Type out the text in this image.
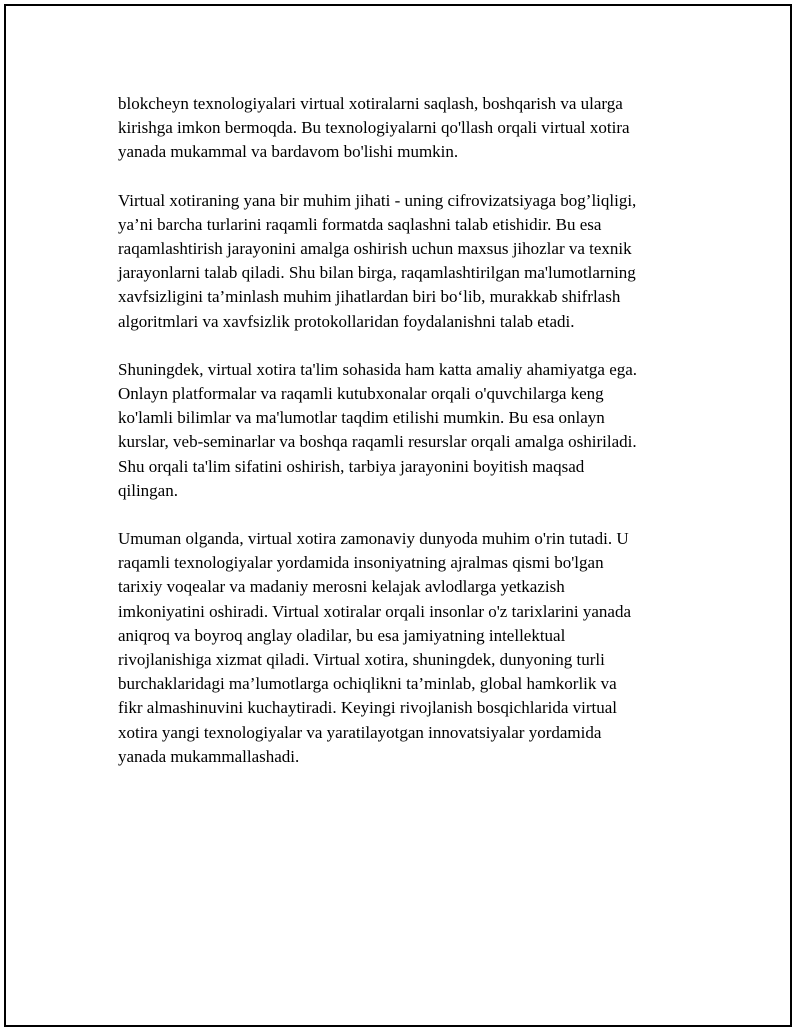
blokcheyn texnologiyalari virtual xotiralarni saqlash, boshqarish va ularga
kirishga imkon bermoqda. Bu texnologiyalarni qo'llash orqali virtual xotira
yanada mukammal va bardavom bo'lishi mumkin.

Virtual xotiraning yana bir muhim jihati - uning cifrovizatsiyaga bog’liqligi,
ya’ni barcha turlarini raqamli formatda saqlashni talab etishidir. Bu esa
raqamlashtirish jarayonini amalga oshirish uchun maxsus jihozlar va texnik
jarayonlarni talab qiladi. Shu bilan birga, raqamlashtirilgan ma'lumotlarning
xavfsizligini ta’minlash muhim jihatlardan biri bo‘lib, murakkab shifrlash
algoritmlari va xavfsizlik protokollaridan foydalanishni talab etadi.

Shuningdek, virtual xotira ta'lim sohasida ham katta amaliy ahamiyatga ega.
Onlayn platformalar va raqamli kutubxonalar orqali o'quvchilarga keng
ko'lamli bilimlar va ma'lumotlar taqdim etilishi mumkin. Bu esa onlayn
kurslar, veb-seminarlar va boshqa raqamli resurslar orqali amalga oshiriladi.
Shu orqali ta'lim sifatini oshirish, tarbiya jarayonini boyitish maqsad
qilingan.

Umuman olganda, virtual xotira zamonaviy dunyoda muhim o'rin tutadi. U
raqamli texnologiyalar yordamida insoniyatning ajralmas qismi bo'lgan
tarixiy voqealar va madaniy merosni kelajak avlodlarga yetkazish
imkoniyatini oshiradi. Virtual xotiralar orqali insonlar o'z tarixlarini yanada
aniqroq va boyroq anglay oladilar, bu esa jamiyatning intellektual
rivojlanishiga xizmat qiladi. Virtual xotira, shuningdek, dunyoning turli
burchaklaridagi ma’lumotlarga ochiqlikni ta’minlab, global hamkorlik va
fikr almashinuvini kuchaytiradi. Keyingi rivojlanish bosqichlarida virtual
xotira yangi texnologiyalar va yaratilayotgan innovatsiyalar yordamida
yanada mukammallashadi.
